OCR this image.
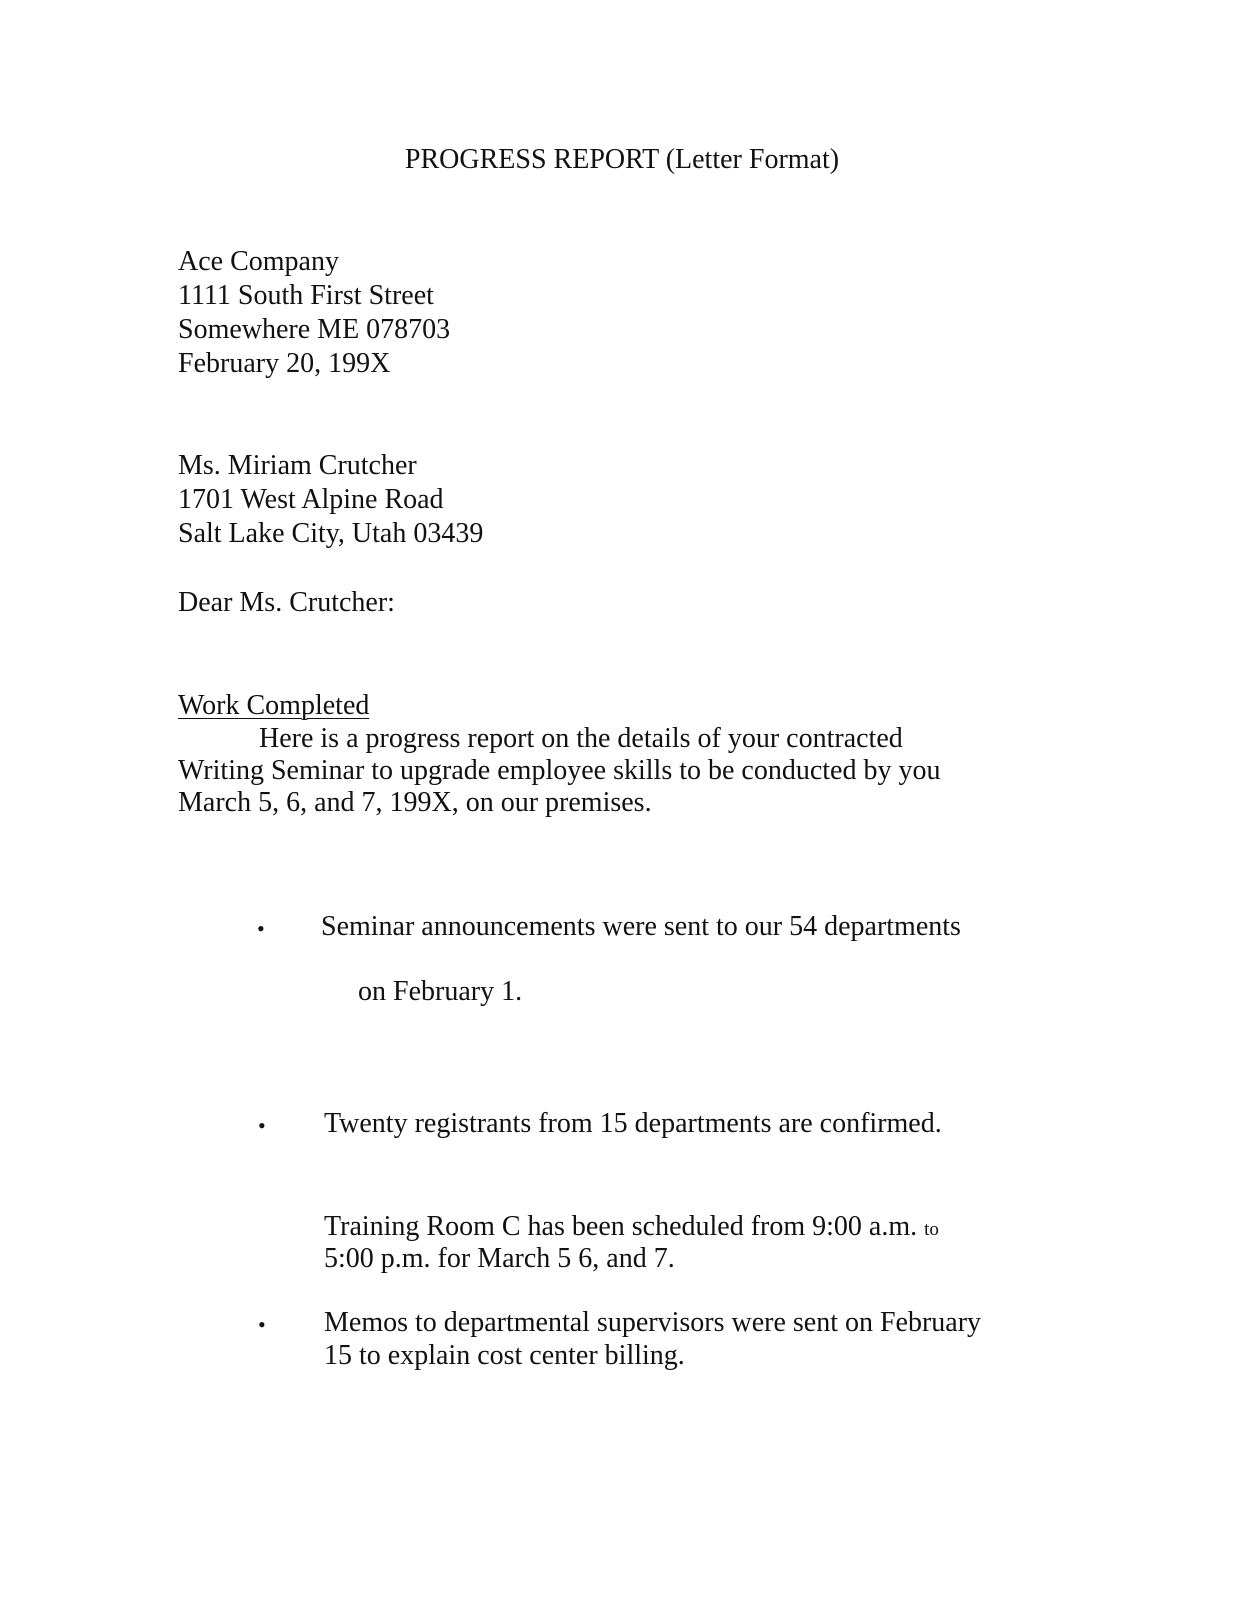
PROGRESS REPORT (Letter Format)
Ace Company
1111 South First Street
Somewhere ME 078703
February 20, 199X
Ms. Miriam Crutcher
1701 West Alpine Road
Salt Lake City, Utah 03439
Dear Ms. Crutcher:
Work Completed
Here is a progress report on the details of your contracted
Writing Seminar to upgrade employee skills to be conducted by you
March 5, 6, and 7, 199X, on our premises.
• Seminar announcements were sent to our 54 departments
on February 1.
• Twenty registrants from 15 departments are confirmed.
Training Room C has been scheduled from 9:00 a.m. to
5:00 p.m. for March 5 6, and 7.
• Memos to departmental supervisors were sent on February
15 to explain cost center billing.
